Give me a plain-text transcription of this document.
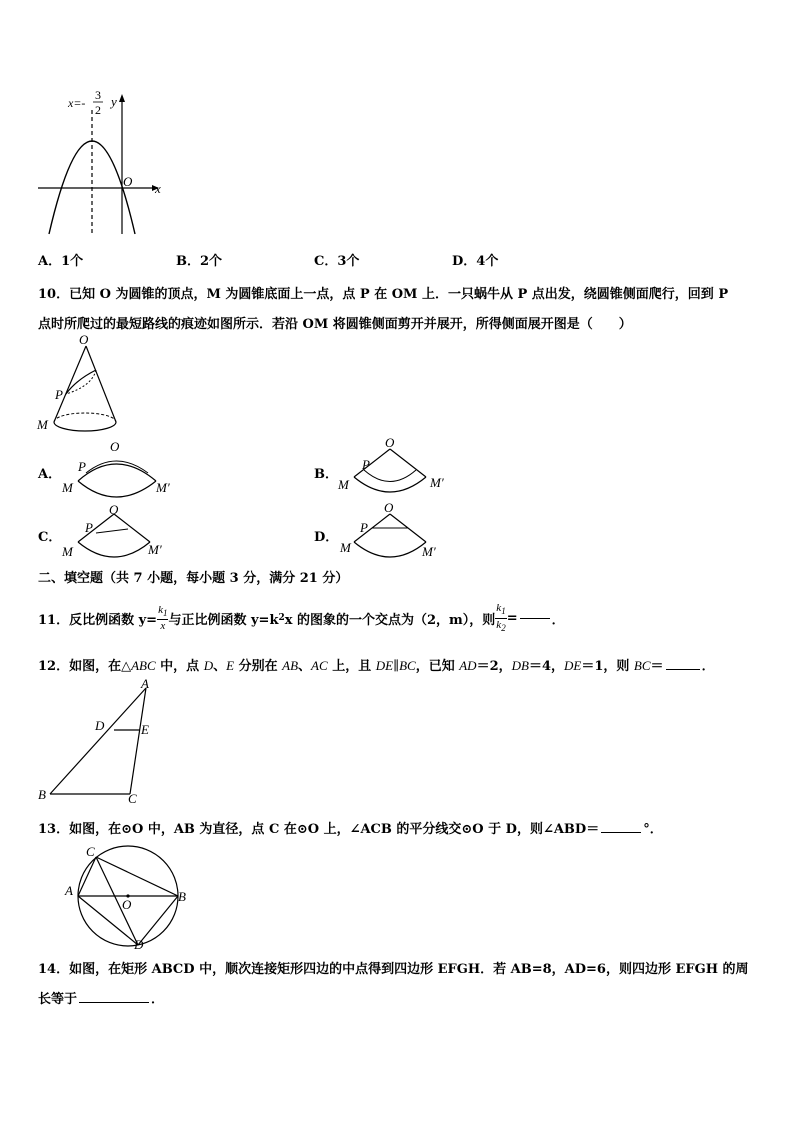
y
x
O
x=-
3
2
A．1个	B．2个	C．3个	D．4个
10．已知 O 为圆锥的顶点，M 为圆锥底面上一点，点 P 在 OM 上．一只蜗牛从 P 点出发，绕圆锥侧面爬行，回到 P
点时所爬过的最短路线的痕迹如图所示．若沿 OM 将圆锥侧面剪开并展开，所得侧面展开图是（　　）
O
P
M
A．
O
P
M	M′
B．
O
P
M	M′
C．
O
P
M	M′
D．
O
P
M	M′
二、填空题（共 7 小题，每小题 3 分，满分 21 分）
11．反比例函数 $y= \frac{k_1}{x}$ 与正比例函数 y=k 2 x 的图象的一个交点为（2，m），则 $\frac{k_1}{k_2}$ =	．
12．如图，在△ABC 中，点 D、E 分别在 AB、AC 上，且 DE∥BC，已知 AD＝2，DB＝4，DE＝1，则 BC＝	．
A
D	E
B	C
13．如图，在⊙O 中，AB 为直径，点 C 在⊙O 上，∠ACB 的平分线交⊙O 于 D，则∠ABD＝	°．
C
A
O
B
D
14．如图，在矩形 ABCD 中，顺次连接矩形四边的中点得到四边形 EFGH．若 AB=8，AD=6，则四边形 EFGH 的周
长等于	．
